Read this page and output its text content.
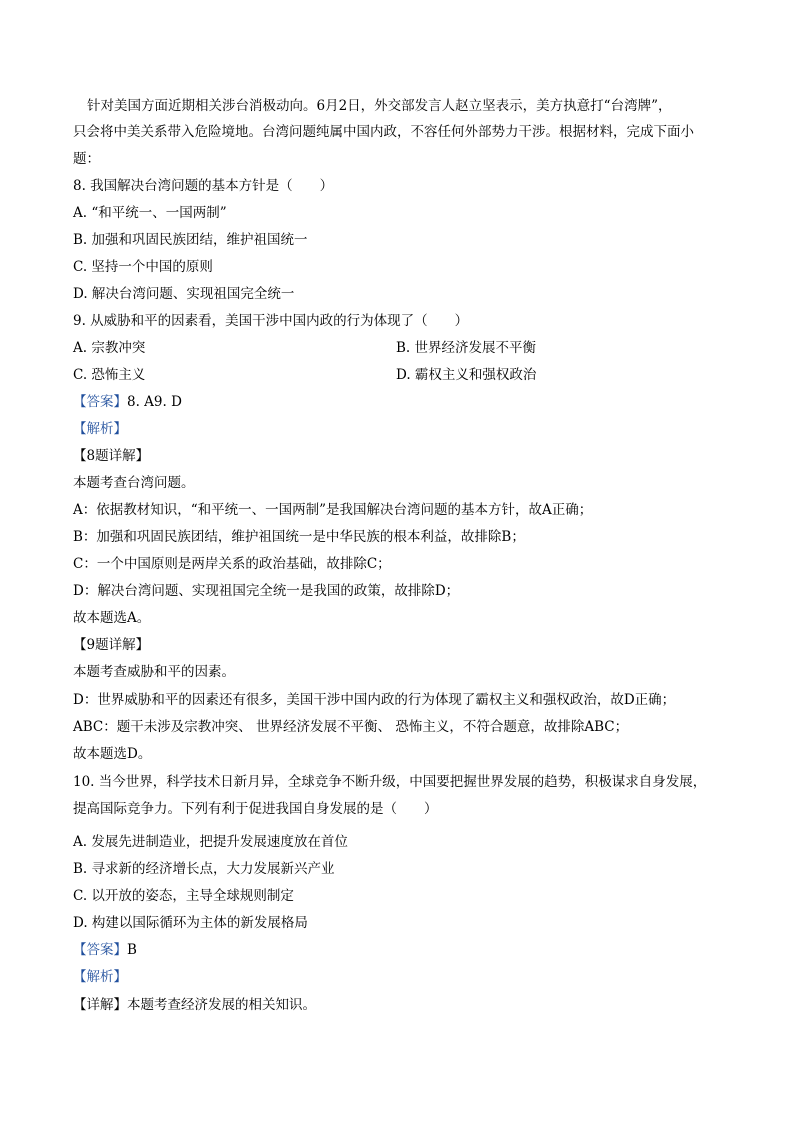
针对美国方面近期相关涉台消极动向。6月2日，外交部发言人赵立坚表示，美方执意打“台湾牌”，
只会将中美关系带入危险境地。台湾问题纯属中国内政，不容任何外部势力干涉。根据材料，完成下面小
题：
8. 我国解决台湾问题的基本方针是（　　）
A. “和平统一、一国两制”
B. 加强和巩固民族团结，维护祖国统一
C. 坚持一个中国的原则
D. 解决台湾问题、实现祖国完全统一
9. 从威胁和平的因素看，美国干涉中国内政的行为体现了（　　）
A. 宗教冲突	B. 世界经济发展不平衡
C. 恐怖主义	D. 霸权主义和强权政治
【答案】8. A9. D
【解析】
【8题详解】
本题考查台湾问题。
A：依据教材知识，“和平统一、一国两制”是我国解决台湾问题的基本方针，故A正确；
B：加强和巩固民族团结，维护祖国统一是中华民族的根本利益，故排除B；
C：一个中国原则是两岸关系的政治基础，故排除C；
D：解决台湾问题、实现祖国完全统一是我国的政策，故排除D；
故本题选A。
【9题详解】
本题考查威胁和平的因素。
D：世界威胁和平的因素还有很多，美国干涉中国内政的行为体现了霸权主义和强权政治，故D正确；
ABC：题干未涉及宗教冲突、 世界经济发展不平衡、 恐怖主义，不符合题意，故排除ABC；
故本题选D。
10. 当今世界，科学技术日新月异，全球竞争不断升级，中国要把握世界发展的趋势，积极谋求自身发展，
提高国际竞争力。下列有利于促进我国自身发展的是（　　）
A. 发展先进制造业，把提升发展速度放在首位
B. 寻求新的经济增长点，大力发展新兴产业
C. 以开放的姿态，主导全球规则制定
D. 构建以国际循环为主体的新发展格局
【答案】B
【解析】
【详解】本题考查经济发展的相关知识。
